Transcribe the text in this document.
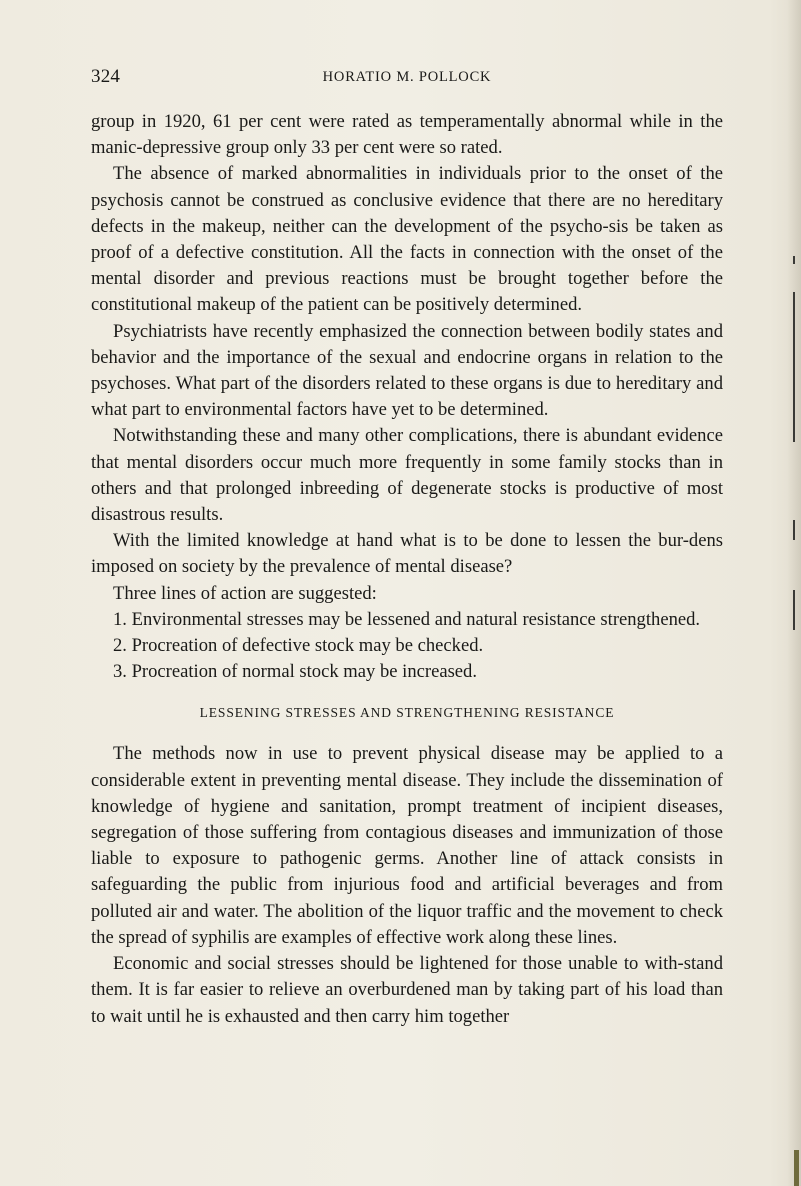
324	HORATIO M. POLLOCK

group in 1920, 61 per cent were rated as temperamentally abnormal while in the manic-depressive group only 33 per cent were so rated.

The absence of marked abnormalities in individuals prior to the onset of the psychosis cannot be construed as conclusive evidence that there are no hereditary defects in the makeup, neither can the development of the psycho-sis be taken as proof of a defective constitution. All the facts in connection with the onset of the mental disorder and previous reactions must be brought together before the constitutional makeup of the patient can be positively determined.

Psychiatrists have recently emphasized the connection between bodily states and behavior and the importance of the sexual and endocrine organs in relation to the psychoses. What part of the disorders related to these organs is due to hereditary and what part to environmental factors have yet to be determined.

Notwithstanding these and many other complications, there is abundant evidence that mental disorders occur much more frequently in some family stocks than in others and that prolonged inbreeding of degenerate stocks is productive of most disastrous results.

With the limited knowledge at hand what is to be done to lessen the bur-dens imposed on society by the prevalence of mental disease?

Three lines of action are suggested:

1. Environmental stresses may be lessened and natural resistance strengthened.

2. Procreation of defective stock may be checked.

3. Procreation of normal stock may be increased.

LESSENING STRESSES AND STRENGTHENING RESISTANCE

The methods now in use to prevent physical disease may be applied to a considerable extent in preventing mental disease. They include the dissemination of knowledge of hygiene and sanitation, prompt treatment of incipient diseases, segregation of those suffering from contagious diseases and immunization of those liable to exposure to pathogenic germs. Another line of attack consists in safeguarding the public from injurious food and artificial beverages and from polluted air and water. The abolition of the liquor traffic and the movement to check the spread of syphilis are examples of effective work along these lines.

Economic and social stresses should be lightened for those unable to with-stand them. It is far easier to relieve an overburdened man by taking part of his load than to wait until he is exhausted and then carry him together
